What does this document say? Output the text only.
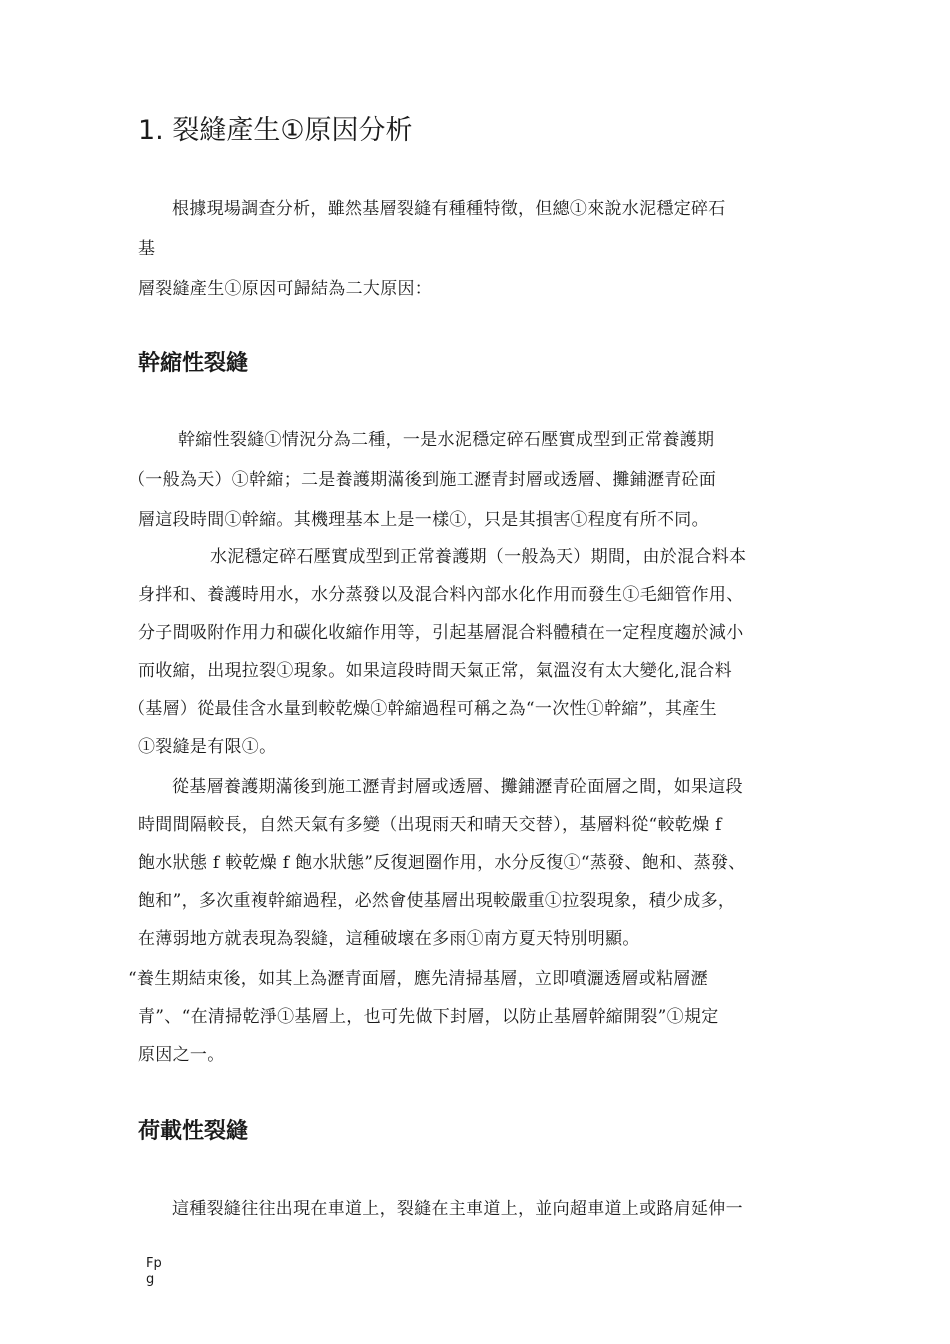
1. 裂縫產生①原因分析

根據現場調查分析，雖然基層裂縫有種種特徵，但總①來說水泥穩定碎石

基

層裂縫產生①原因可歸結為二大原因：

幹縮性裂縫

幹縮性裂縫①情況分為二種，一是水泥穩定碎石壓實成型到正常養護期

（一般為天）①幹縮；二是養護期滿後到施工瀝青封層或透層、攤鋪瀝青砼面

層這段時間①幹縮。其機理基本上是一樣①，只是其損害①程度有所不同。

水泥穩定碎石壓實成型到正常養護期（一般為天）期間，由於混合料本

身拌和、養護時用水，水分蒸發以及混合料內部水化作用而發生①毛細管作用、

分子間吸附作用力和碳化收縮作用等，引起基層混合料體積在一定程度趨於減小

而收縮，出現拉裂①現象。如果這段時間天氣正常，氣溫沒有太大變化,混合料

（基層）從最佳含水量到較乾燥①幹縮過程可稱之為“一次性①幹縮”，其產生

①裂縫是有限①。

從基層養護期滿後到施工瀝青封層或透層、攤鋪瀝青砼面層之間，如果這段

時間間隔較長，自然天氣有多變（出現雨天和晴天交替），基層料從“較乾燥 f

飽水狀態 f 較乾燥 f 飽水狀態”反復迴圈作用，水分反復①“蒸發、飽和、蒸發、

飽和”，多次重複幹縮過程，必然會使基層出現較嚴重①拉裂現象，積少成多，

在薄弱地方就表現為裂縫，這種破壞在多雨①南方夏天特別明顯。

“養生期結束後，如其上為瀝青面層，應先清掃基層，立即噴灑透層或粘層瀝

青”、“在清掃乾淨①基層上，也可先做下封層，以防止基層幹縮開裂”①規定

原因之一。

荷載性裂縫

這種裂縫往往出現在車道上，裂縫在主車道上，並向超車道上或路肩延伸一

Fp
g
